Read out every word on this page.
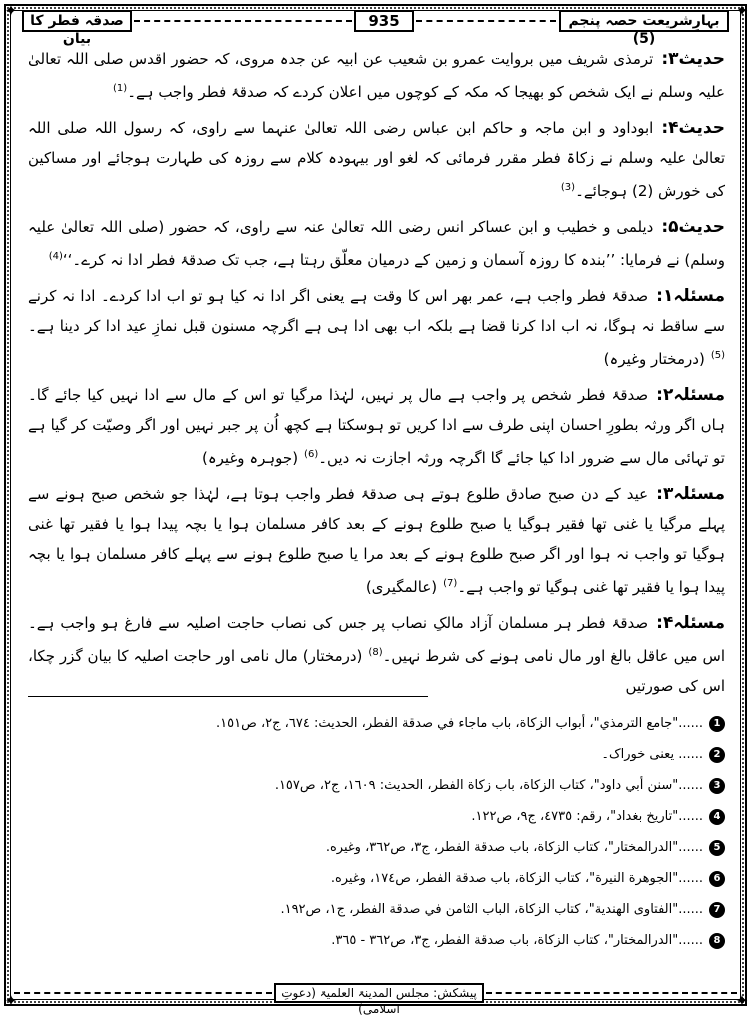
✦	✦
✦	✦
بہارِشریعت حصہ پنجم (5)
935
صدقہ فطر کا بیان

حدیث۳:ترمذی شریف میں بروایت عمرو بن شعیب عن ابیہ عن جدہ مروی، کہ حضور اقدس صلی اللہ تعالیٰ علیہ وسلم نے ایک شخص کو بھیجا کہ مکہ کے کوچوں میں اعلان کردے کہ صدقۂ فطر واجب ہے۔$^{(1)}$

حدیث۴:ابوداود و ابن ماجہ و حاکم ابن عباس رضی اللہ تعالیٰ عنہما سے راوی، کہ رسول اللہ صلی اللہ تعالیٰ علیہ وسلم نے زکاۃ فطر مقرر فرمائی کہ لغو اور بیہودہ کلام سے روزہ کی طہارت ہوجائے اور مساکین کی خورش (2) ہوجائے۔$^{(3)}$

حدیث۵:دیلمی و خطیب و ابن عساکر انس رضی اللہ تعالیٰ عنہ سے راوی، کہ حضور (صلی اللہ تعالیٰ علیہ وسلم) نے فرمایا: ’’بندہ کا روزہ آسمان و زمین کے درمیان معلّق رہتا ہے، جب تک صدقۂ فطر ادا نہ کرے۔‘‘$^{(4)}$

مسئلہ۱:صدقۂ فطر واجب ہے، عمر بھر اس کا وقت ہے یعنی اگر ادا نہ کیا ہو تو اب ادا کردے۔ ادا نہ کرنے سے ساقط نہ ہوگا، نہ اب ادا کرنا قضا ہے بلکہ اب بھی ادا ہی ہے اگرچہ مسنون قبل نمازِ عید ادا کر دینا ہے۔$^{(5)}$(درمختار وغیرہ)

مسئلہ۲:صدقۂ فطر شخص پر واجب ہے مال پر نہیں، لہٰذا مرگیا تو اس کے مال سے ادا نہیں کیا جائے گا۔ ہاں اگر ورثہ بطورِ احسان اپنی طرف سے ادا کریں تو ہوسکتا ہے کچھ اُن پر جبر نہیں اور اگر وصیّت کر گیا ہے تو تہائی مال سے ضرور ادا کیا جائے گا اگرچہ ورثہ اجازت نہ دیں۔$^{(6)}$(جوہرہ وغیرہ)

مسئلہ۳:عید کے دن صبح صادق طلوع ہوتے ہی صدقۂ فطر واجب ہوتا ہے، لہٰذا جو شخص صبح ہونے سے پہلے مرگیا یا غنی تھا فقیر ہوگیا یا صبح طلوع ہونے کے بعد کافر مسلمان ہوا یا بچہ پیدا ہوا یا فقیر تھا غنی ہوگیا تو واجب نہ ہوا اور اگر صبح طلوع ہونے کے بعد مرا یا صبح طلوع ہونے سے پہلے کافر مسلمان ہوا یا بچہ پیدا ہوا یا فقیر تھا غنی ہوگیا تو واجب ہے۔$^{(7)}$(عالمگیری)

مسئلہ۴:صدقۂ فطر ہر مسلمان آزاد مالکِ نصاب پر جس کی نصاب حاجت اصلیہ سے فارغ ہو واجب ہے۔ اس میں عاقل بالغ اور مال نامی ہونے کی شرط نہیں۔$^{(8)}$(درمختار) مال نامی اور حاجت اصلیہ کا بیان گزر چکا، اس کی صورتیں

1......"جامع الترمذي"، أبواب الزكاة، باب ماجاء في صدقة الفطر، الحديث: ٦٧٤، ج٢، ص١٥١.
2...... یعنی خوراک۔
3......"سنن أبي داود"، كتاب الزكاة، باب زكاة الفطر، الحديث: ١٦٠٩، ج٢، ص١٥٧.
4......"تاريخ بغداد"، رقم: ٤٧٣٥، ج٩، ص١٢٢.
5......"الدرالمختار"، كتاب الزكاة، باب صدقة الفطر، ج٣، ص٣٦٢، وغيره.
6......"الجوهرة النيرة"، كتاب الزكاة، باب صدقة الفطر، ص١٧٤، وغيره.
7......"الفتاوى الهندية"، كتاب الزكاة، الباب الثامن في صدقة الفطر، ج١، ص١٩٢.
8......"الدرالمختار"، كتاب الزكاة، باب صدقة الفطر، ج٣، ص٣٦٢ - ٣٦٥.
پیشکش: مجلس المدینۃ العلمیۃ (دعوتِ اسلامی)
